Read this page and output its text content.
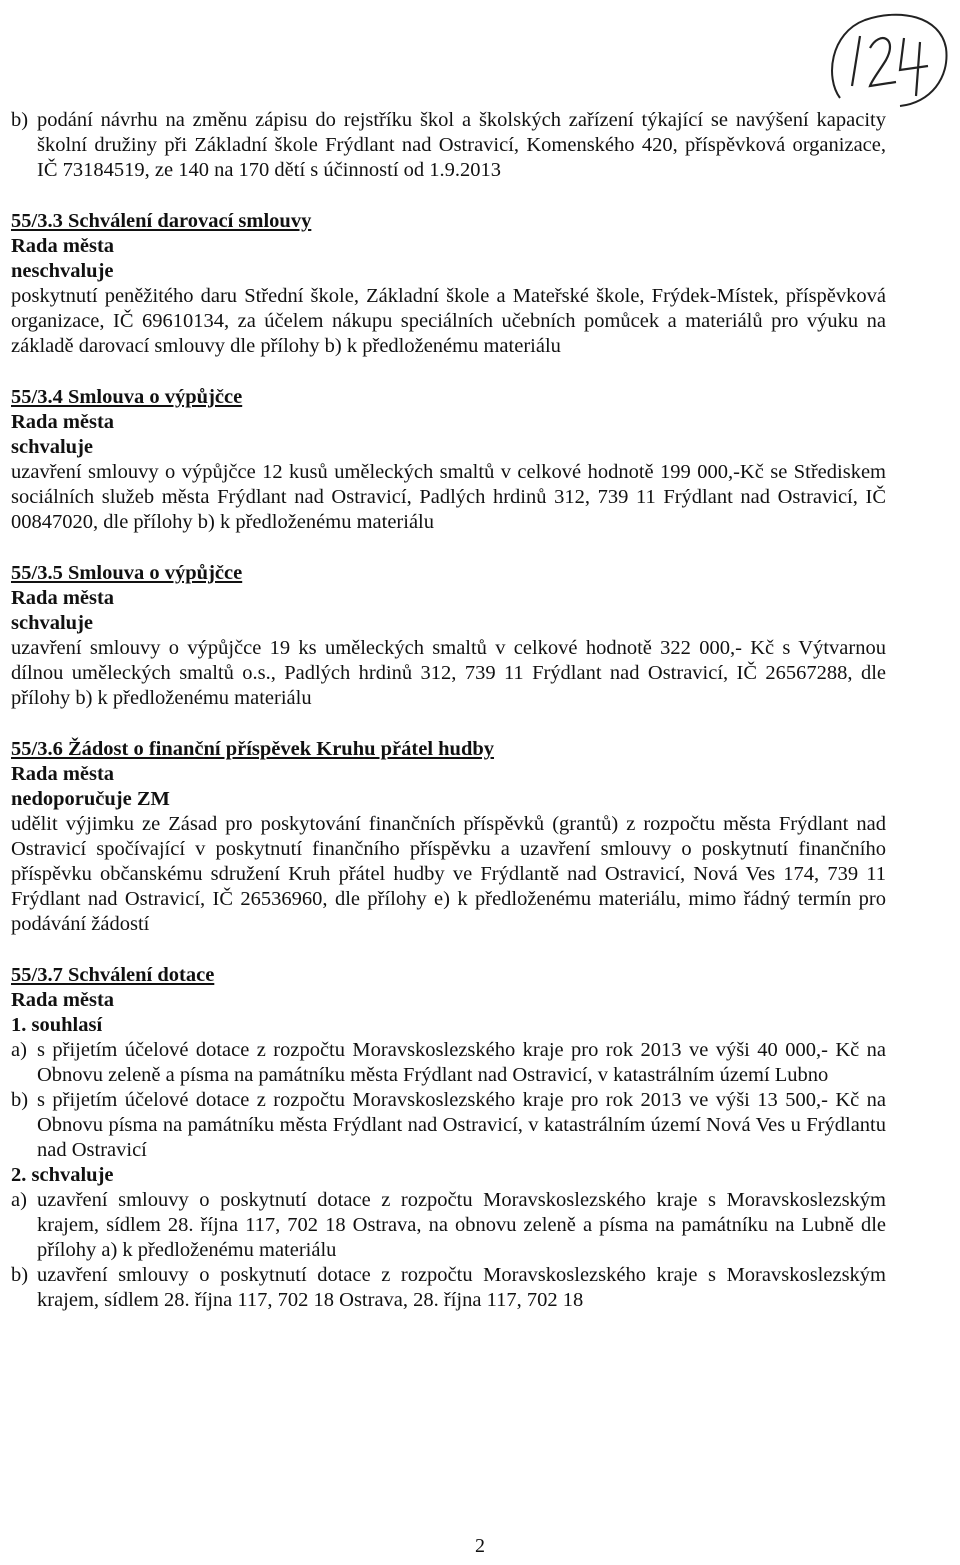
b) podání návrhu na změnu zápisu do rejstříku škol a školských zařízení týkající se navýšení kapacity školní družiny při Základní škole Frýdlant nad Ostravicí, Komenského 420, příspěvková organizace, IČ 73184519, ze 140 na 170 dětí s účinností od 1.9.2013

55/3.3 Schválení darovací smlouvy

Rada města

neschvaluje

poskytnutí peněžitého daru Střední škole, Základní škole a Mateřské škole, Frýdek-Místek, příspěvková organizace, IČ 69610134, za účelem nákupu speciálních učebních pomůcek a materiálů pro výuku na základě darovací smlouvy dle přílohy b) k předloženému materiálu

55/3.4 Smlouva o výpůjčce

Rada města

schvaluje

uzavření smlouvy o výpůjčce 12 kusů uměleckých smaltů v celkové hodnotě 199 000,-Kč se Střediskem sociálních služeb města Frýdlant nad Ostravicí, Padlých hrdinů 312, 739 11 Frýdlant nad Ostravicí, IČ 00847020, dle přílohy b) k předloženému materiálu

55/3.5 Smlouva o výpůjčce

Rada města

schvaluje

uzavření smlouvy o výpůjčce 19 ks uměleckých smaltů v celkové hodnotě 322 000,- Kč s Výtvarnou dílnou uměleckých smaltů o.s., Padlých hrdinů 312, 739 11 Frýdlant nad Ostravicí, IČ 26567288, dle přílohy b) k předloženému materiálu

55/3.6 Žádost o finanční příspěvek Kruhu přátel hudby

Rada města

nedoporučuje ZM

udělit výjimku ze Zásad pro poskytování finančních příspěvků (grantů) z rozpočtu města Frýdlant nad Ostravicí spočívající v poskytnutí finančního příspěvku a uzavření smlouvy o poskytnutí finančního příspěvku občanskému sdružení Kruh přátel hudby ve Frýdlantě nad Ostravicí, Nová Ves 174, 739 11 Frýdlant nad Ostravicí, IČ 26536960, dle přílohy e) k předloženému materiálu, mimo řádný termín pro podávání žádostí

55/3.7 Schválení dotace

Rada města

1. souhlasí

a) s přijetím účelové dotace z rozpočtu Moravskoslezského kraje pro rok 2013 ve výši 40 000,- Kč na Obnovu zeleně a písma na památníku města Frýdlant nad Ostravicí, v katastrálním území Lubno
b) s přijetím účelové dotace z rozpočtu Moravskoslezského kraje pro rok 2013 ve výši 13 500,- Kč na Obnovu písma na památníku města Frýdlant nad Ostravicí, v katastrálním území Nová Ves u Frýdlantu nad Ostravicí

2. schvaluje

a) uzavření smlouvy o poskytnutí dotace z rozpočtu Moravskoslezského kraje s Moravskoslezským krajem, sídlem 28. října 117, 702 18 Ostrava, na obnovu zeleně a písma na památníku na Lubně dle přílohy a) k předloženému materiálu
b) uzavření smlouvy o poskytnutí dotace z rozpočtu Moravskoslezského kraje s Moravskoslezským krajem, sídlem 28. října 117, 702 18 Ostrava, 28. října 117, 702 18
2
